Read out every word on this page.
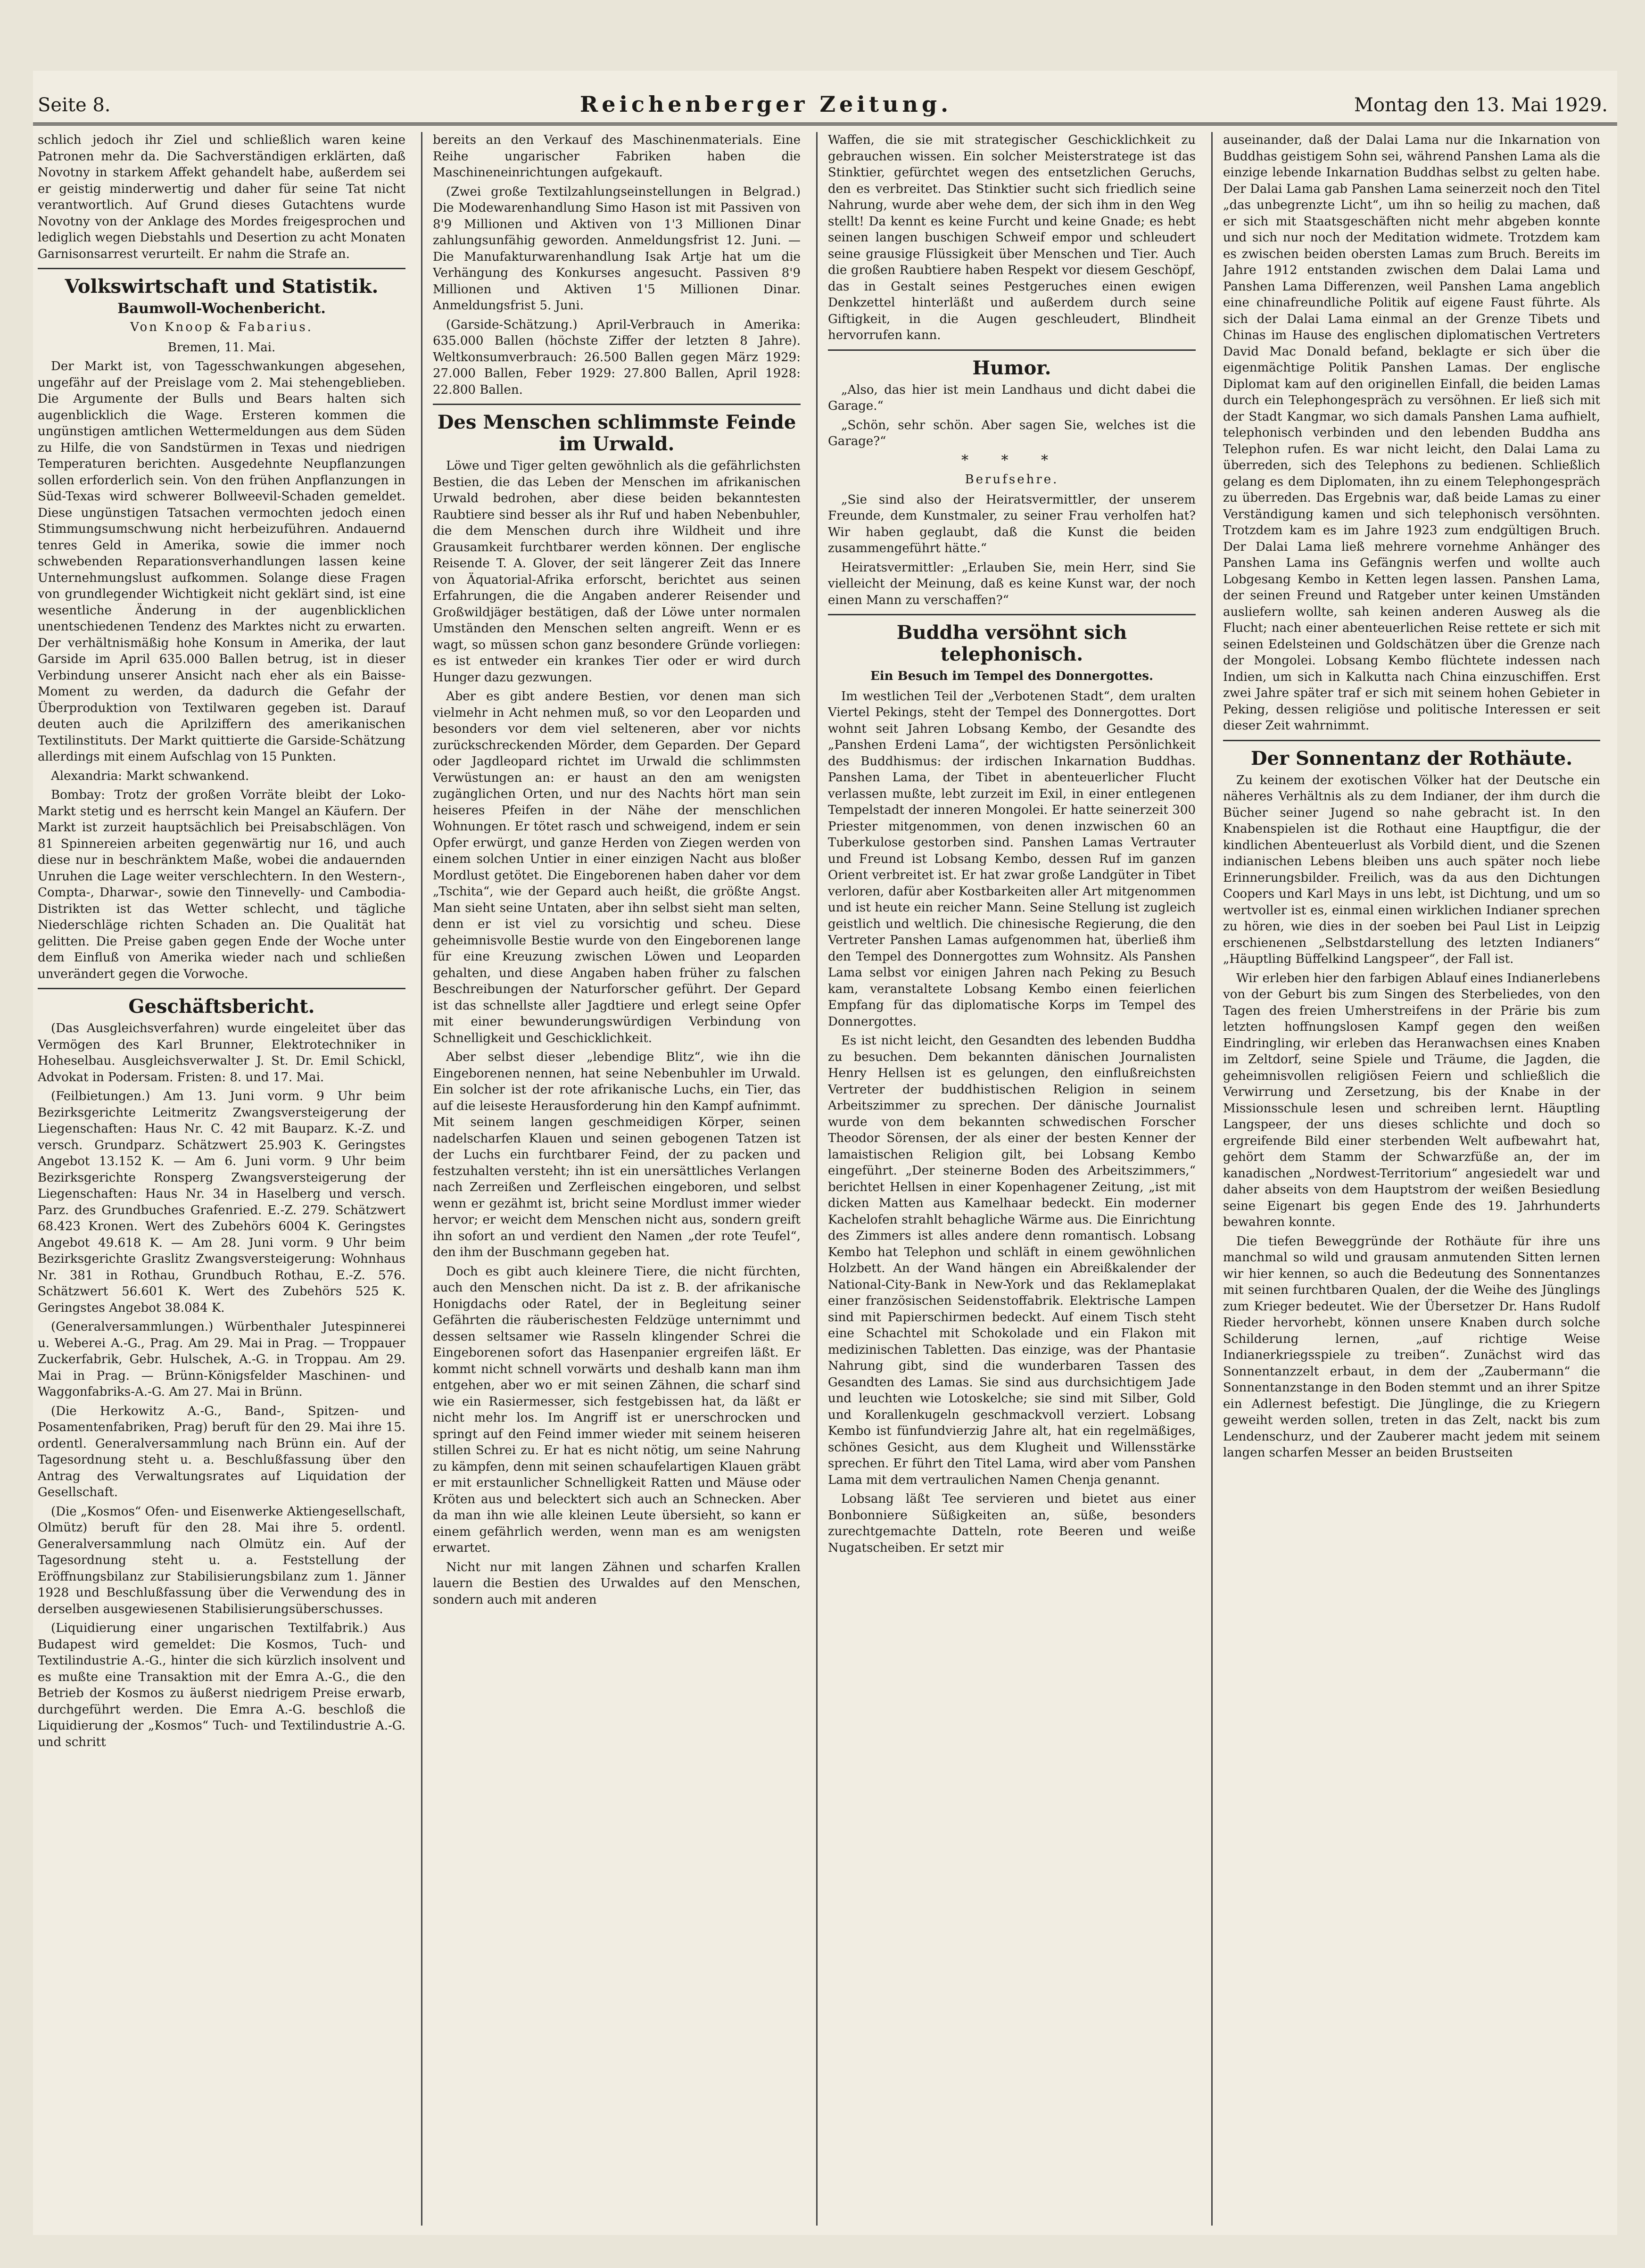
Seite 8.	Reichenberger Zeitung.	Montag den 13. Mai 1929.

schlich jedoch ihr Ziel und schließlich waren keine Patronen mehr da. Die Sachverständigen erklärten, daß Novotny in starkem Affekt gehandelt habe, außerdem sei er geistig minderwertig und daher für seine Tat nicht verantwortlich. Auf Grund dieses Gutachtens wurde Novotny von der Anklage des Mordes freigesprochen und lediglich wegen Diebstahls und Desertion zu acht Monaten Garnisonsarrest verurteilt. Er nahm die Strafe an.

Volkswirtschaft und Statistik.
Baumwoll-Wochenbericht.
Von Knoop & Fabarius.
Bremen, 11. Mai.

Der Markt ist, von Tagesschwankungen abgesehen, ungefähr auf der Preislage vom 2. Mai stehengeblieben. Die Argumente der Bulls und Bears halten sich augenblicklich die Wage. Ersteren kommen die ungünstigen amtlichen Wettermeldungen aus dem Süden zu Hilfe, die von Sandstürmen in Texas und niedrigen Temperaturen berichten. Ausgedehnte Neupflanzungen sollen erforderlich sein. Von den frühen Anpflanzungen in Süd-Texas wird schwerer Bollweevil-Schaden gemeldet. Diese ungünstigen Tatsachen vermochten jedoch einen Stimmungsumschwung nicht herbeizuführen. Andauernd tenres Geld in Amerika, sowie die immer noch schwebenden Reparationsverhandlungen lassen keine Unternehmungslust aufkommen. Solange diese Fragen von grundlegender Wichtigkeit nicht geklärt sind, ist eine wesentliche Änderung in der augenblicklichen unentschiedenen Tendenz des Marktes nicht zu erwarten. Der verhältnismäßig hohe Konsum in Amerika, der laut Garside im April 635.000 Ballen betrug, ist in dieser Verbindung unserer Ansicht nach eher als ein Baisse-Moment zu werden, da dadurch die Gefahr der Überproduktion von Textilwaren gegeben ist. Darauf deuten auch die Aprilziffern des amerikanischen Textilinstituts. Der Markt quittierte die Garside-Schätzung allerdings mit einem Aufschlag von 15 Punkten.

Alexandria: Markt schwankend.

Bombay: Trotz der großen Vorräte bleibt der Loko-Markt stetig und es herrscht kein Mangel an Käufern. Der Markt ist zurzeit hauptsächlich bei Preisabschlägen. Von 81 Spinnereien arbeiten gegenwärtig nur 16, und auch diese nur in beschränktem Maße, wobei die andauernden Unruhen die Lage weiter verschlechtern. In den Western-, Compta-, Dharwar-, sowie den Tinnevelly- und Cambodia-Distrikten ist das Wetter schlecht, und tägliche Niederschläge richten Schaden an. Die Qualität hat gelitten. Die Preise gaben gegen Ende der Woche unter dem Einfluß von Amerika wieder nach und schließen unverändert gegen die Vorwoche.

Geschäftsbericht.

(Das Ausgleichsverfahren) wurde eingeleitet über das Vermögen des Karl Brunner, Elektrotechniker in Hoheselbau. Ausgleichsverwalter J. St. Dr. Emil Schickl, Advokat in Podersam. Fristen: 8. und 17. Mai.

(Feilbietungen.) Am 13. Juni vorm. 9 Uhr beim Bezirksgerichte Leitmeritz Zwangsversteigerung der Liegenschaften: Haus Nr. C. 42 mit Bauparz. K.-Z. und versch. Grundparz. Schätzwert 25.903 K. Geringstes Angebot 13.152 K. — Am 6. Juni vorm. 9 Uhr beim Bezirksgerichte Ronsperg Zwangsversteigerung der Liegenschaften: Haus Nr. 34 in Haselberg und versch. Parz. des Grundbuches Grafenried. E.-Z. 279. Schätzwert 68.423 Kronen. Wert des Zubehörs 6004 K. Geringstes Angebot 49.618 K. — Am 28. Juni vorm. 9 Uhr beim Bezirksgerichte Graslitz Zwangsversteigerung: Wohnhaus Nr. 381 in Rothau, Grundbuch Rothau, E.-Z. 576. Schätzwert 56.601 K. Wert des Zubehörs 525 K. Geringstes Angebot 38.084 K.

(Generalversammlungen.) Würbenthaler Jutespinnerei u. Weberei A.-G., Prag. Am 29. Mai in Prag. — Troppauer Zuckerfabrik, Gebr. Hulschek, A.-G. in Troppau. Am 29. Mai in Prag. — Brünn-Königsfelder Maschinen- und Waggonfabriks-A.-G. Am 27. Mai in Brünn.

(Die Herkowitz A.-G., Band-, Spitzen- und Posamentenfabriken, Prag) beruft für den 29. Mai ihre 15. ordentl. Generalversammlung nach Brünn ein. Auf der Tagesordnung steht u. a. Beschlußfassung über den Antrag des Verwaltungsrates auf Liquidation der Gesellschaft.

(Die „Kosmos“ Ofen- und Eisenwerke Aktiengesellschaft, Olmütz) beruft für den 28. Mai ihre 5. ordentl. Generalversammlung nach Olmütz ein. Auf der Tagesordnung steht u. a. Feststellung der Eröffnungsbilanz zur Stabilisierungsbilanz zum 1. Jänner 1928 und Beschlußfassung über die Verwendung des in derselben ausgewiesenen Stabilisierungsüberschusses.

(Liquidierung einer ungarischen Textilfabrik.) Aus Budapest wird gemeldet: Die Kosmos, Tuch- und Textilindustrie A.-G., hinter die sich kürzlich insolvent und es mußte eine Transaktion mit der Emra A.-G., die den Betrieb der Kosmos zu äußerst niedrigem Preise erwarb, durchgeführt werden. Die Emra A.-G. beschloß die Liquidierung der „Kosmos“ Tuch- und Textilindustrie A.-G. und schritt

bereits an den Verkauf des Maschinenmaterials. Eine Reihe ungarischer Fabriken haben die Maschineneinrichtungen aufgekauft.

(Zwei große Textilzahlungseinstellungen in Belgrad.) Die Modewarenhandlung Simo Hason ist mit Passiven von 8'9 Millionen und Aktiven von 1'3 Millionen Dinar zahlungsunfähig geworden. Anmeldungsfrist 12. Juni. — Die Manufakturwarenhandlung Isak Artje hat um die Verhängung des Konkurses angesucht. Passiven 8'9 Millionen und Aktiven 1'5 Millionen Dinar. Anmeldungsfrist 5. Juni.

(Garside-Schätzung.) April-Verbrauch in Amerika: 635.000 Ballen (höchste Ziffer der letzten 8 Jahre). Weltkonsumverbrauch: 26.500 Ballen gegen März 1929: 27.000 Ballen, Feber 1929: 27.800 Ballen, April 1928: 22.800 Ballen.

Des Menschen schlimmste Feinde im Urwald.

Löwe und Tiger gelten gewöhnlich als die gefährlichsten Bestien, die das Leben der Menschen im afrikanischen Urwald bedrohen, aber diese beiden bekanntesten Raubtiere sind besser als ihr Ruf und haben Nebenbuhler, die dem Menschen durch ihre Wildheit und ihre Grausamkeit furchtbarer werden können. Der englische Reisende T. A. Glover, der seit längerer Zeit das Innere von Äquatorial-Afrika erforscht, berichtet aus seinen Erfahrungen, die die Angaben anderer Reisender und Großwildjäger bestätigen, daß der Löwe unter normalen Umständen den Menschen selten angreift. Wenn er es wagt, so müssen schon ganz besondere Gründe vorliegen: es ist entweder ein krankes Tier oder er wird durch Hunger dazu gezwungen.

Aber es gibt andere Bestien, vor denen man sich vielmehr in Acht nehmen muß, so vor den Leoparden und besonders vor dem viel selteneren, aber vor nichts zurückschreckenden Mörder, dem Geparden. Der Gepard oder Jagdleopard richtet im Urwald die schlimmsten Verwüstungen an: er haust an den am wenigsten zugänglichen Orten, und nur des Nachts hört man sein heiseres Pfeifen in der Nähe der menschlichen Wohnungen. Er tötet rasch und schweigend, indem er sein Opfer erwürgt, und ganze Herden von Ziegen werden von einem solchen Untier in einer einzigen Nacht aus bloßer Mordlust getötet. Die Eingeborenen haben daher vor dem „Tschita“, wie der Gepard auch heißt, die größte Angst. Man sieht seine Untaten, aber ihn selbst sieht man selten, denn er ist viel zu vorsichtig und scheu. Diese geheimnisvolle Bestie wurde von den Eingeborenen lange für eine Kreuzung zwischen Löwen und Leoparden gehalten, und diese Angaben haben früher zu falschen Beschreibungen der Naturforscher geführt. Der Gepard ist das schnellste aller Jagdtiere und erlegt seine Opfer mit einer bewunderungswürdigen Verbindung von Schnelligkeit und Geschicklichkeit.

Aber selbst dieser „lebendige Blitz“, wie ihn die Eingeborenen nennen, hat seine Nebenbuhler im Urwald. Ein solcher ist der rote afrikanische Luchs, ein Tier, das auf die leiseste Herausforderung hin den Kampf aufnimmt. Mit seinem langen geschmeidigen Körper, seinen nadelscharfen Klauen und seinen gebogenen Tatzen ist der Luchs ein furchtbarer Feind, der zu packen und festzuhalten versteht; ihn ist ein unersättliches Verlangen nach Zerreißen und Zerfleischen eingeboren, und selbst wenn er gezähmt ist, bricht seine Mordlust immer wieder hervor; er weicht dem Menschen nicht aus, sondern greift ihn sofort an und verdient den Namen „der rote Teufel“, den ihm der Buschmann gegeben hat.

Doch es gibt auch kleinere Tiere, die nicht fürchten, auch den Menschen nicht. Da ist z. B. der afrikanische Honigdachs oder Ratel, der in Begleitung seiner Gefährten die räuberischesten Feldzüge unternimmt und dessen seltsamer wie Rasseln klingender Schrei die Eingeborenen sofort das Hasenpanier ergreifen läßt. Er kommt nicht schnell vorwärts und deshalb kann man ihm entgehen, aber wo er mit seinen Zähnen, die scharf sind wie ein Rasiermesser, sich festgebissen hat, da läßt er nicht mehr los. Im Angriff ist er unerschrocken und springt auf den Feind immer wieder mit seinem heiseren stillen Schrei zu. Er hat es nicht nötig, um seine Nahrung zu kämpfen, denn mit seinen schaufelartigen Klauen gräbt er mit erstaunlicher Schnelligkeit Ratten und Mäuse oder Kröten aus und belecktert sich auch an Schnecken. Aber da man ihn wie alle kleinen Leute übersieht, so kann er einem gefährlich werden, wenn man es am wenigsten erwartet.

Nicht nur mit langen Zähnen und scharfen Krallen lauern die Bestien des Urwaldes auf den Menschen, sondern auch mit anderen

Waffen, die sie mit strategischer Geschicklichkeit zu gebrauchen wissen. Ein solcher Meisterstratege ist das Stinktier, gefürchtet wegen des entsetzlichen Geruchs, den es verbreitet. Das Stinktier sucht sich friedlich seine Nahrung, wurde aber wehe dem, der sich ihm in den Weg stellt! Da kennt es keine Furcht und keine Gnade; es hebt seinen langen buschigen Schweif empor und schleudert seine grausige Flüssigkeit über Menschen und Tier. Auch die großen Raubtiere haben Respekt vor diesem Geschöpf, das in Gestalt seines Pestgeruches einen ewigen Denkzettel hinterläßt und außerdem durch seine Giftigkeit, in die Augen geschleudert, Blindheit hervorrufen kann.

Humor.

„Also, das hier ist mein Landhaus und dicht dabei die Garage.“

„Schön, sehr schön. Aber sagen Sie, welches ist die Garage?“

* * *
Berufsehre.

„Sie sind also der Heiratsvermittler, der unserem Freunde, dem Kunstmaler, zu seiner Frau verholfen hat? Wir haben geglaubt, daß die Kunst die beiden zusammengeführt hätte.“

Heiratsvermittler: „Erlauben Sie, mein Herr, sind Sie vielleicht der Meinung, daß es keine Kunst war, der noch einen Mann zu verschaffen?“

Buddha versöhnt sich telephonisch.
Ein Besuch im Tempel des Donnergottes.

Im westlichen Teil der „Verbotenen Stadt“, dem uralten Viertel Pekings, steht der Tempel des Donnergottes. Dort wohnt seit Jahren Lobsang Kembo, der Gesandte des „Panshen Erdeni Lama“, der wichtigsten Persönlichkeit des Buddhismus: der irdischen Inkarnation Buddhas. Panshen Lama, der Tibet in abenteuerlicher Flucht verlassen mußte, lebt zurzeit im Exil, in einer entlegenen Tempelstadt der inneren Mongolei. Er hatte seinerzeit 300 Priester mitgenommen, von denen inzwischen 60 an Tuberkulose gestorben sind. Panshen Lamas Vertrauter und Freund ist Lobsang Kembo, dessen Ruf im ganzen Orient verbreitet ist. Er hat zwar große Landgüter in Tibet verloren, dafür aber Kostbarkeiten aller Art mitgenommen und ist heute ein reicher Mann. Seine Stellung ist zugleich geistlich und weltlich. Die chinesische Regierung, die den Vertreter Panshen Lamas aufgenommen hat, überließ ihm den Tempel des Donnergottes zum Wohnsitz. Als Panshen Lama selbst vor einigen Jahren nach Peking zu Besuch kam, veranstaltete Lobsang Kembo einen feierlichen Empfang für das diplomatische Korps im Tempel des Donnergottes.

Es ist nicht leicht, den Gesandten des lebenden Buddha zu besuchen. Dem bekannten dänischen Journalisten Henry Hellsen ist es gelungen, den einflußreichsten Vertreter der buddhistischen Religion in seinem Arbeitszimmer zu sprechen. Der dänische Journalist wurde von dem bekannten schwedischen Forscher Theodor Sörensen, der als einer der besten Kenner der lamaistischen Religion gilt, bei Lobsang Kembo eingeführt. „Der steinerne Boden des Arbeitszimmers,“ berichtet Hellsen in einer Kopenhagener Zeitung, „ist mit dicken Matten aus Kamelhaar bedeckt. Ein moderner Kachelofen strahlt behagliche Wärme aus. Die Einrichtung des Zimmers ist alles andere denn romantisch. Lobsang Kembo hat Telephon und schläft in einem gewöhnlichen Holzbett. An der Wand hängen ein Abreißkalender der National-City-Bank in New-York und das Reklameplakat einer französischen Seidenstoffabrik. Elektrische Lampen sind mit Papierschirmen bedeckt. Auf einem Tisch steht eine Schachtel mit Schokolade und ein Flakon mit medizinischen Tabletten. Das einzige, was der Phantasie Nahrung gibt, sind die wunderbaren Tassen des Gesandten des Lamas. Sie sind aus durchsichtigem Jade und leuchten wie Lotoskelche; sie sind mit Silber, Gold und Korallenkugeln geschmackvoll verziert. Lobsang Kembo ist fünfundvierzig Jahre alt, hat ein regelmäßiges, schönes Gesicht, aus dem Klugheit und Willensstärke sprechen. Er führt den Titel Lama, wird aber vom Panshen Lama mit dem vertraulichen Namen Chenja genannt.

Lobsang läßt Tee servieren und bietet aus einer Bonbonniere Süßigkeiten an, süße, besonders zurechtgemachte Datteln, rote Beeren und weiße Nugatscheiben. Er setzt mir

auseinander, daß der Dalai Lama nur die Inkarnation von Buddhas geistigem Sohn sei, während Panshen Lama als die einzige lebende Inkarnation Buddhas selbst zu gelten habe. Der Dalai Lama gab Panshen Lama seinerzeit noch den Titel „das unbegrenzte Licht“, um ihn so heilig zu machen, daß er sich mit Staatsgeschäften nicht mehr abgeben konnte und sich nur noch der Meditation widmete. Trotzdem kam es zwischen beiden obersten Lamas zum Bruch. Bereits im Jahre 1912 entstanden zwischen dem Dalai Lama und Panshen Lama Differenzen, weil Panshen Lama angeblich eine chinafreundliche Politik auf eigene Faust führte. Als sich der Dalai Lama einmal an der Grenze Tibets und Chinas im Hause des englischen diplomatischen Vertreters David Mac Donald befand, beklagte er sich über die eigenmächtige Politik Panshen Lamas. Der englische Diplomat kam auf den originellen Einfall, die beiden Lamas durch ein Telephongespräch zu versöhnen. Er ließ sich mit der Stadt Kangmar, wo sich damals Panshen Lama aufhielt, telephonisch verbinden und den lebenden Buddha ans Telephon rufen. Es war nicht leicht, den Dalai Lama zu überreden, sich des Telephons zu bedienen. Schließlich gelang es dem Diplomaten, ihn zu einem Telephongespräch zu überreden. Das Ergebnis war, daß beide Lamas zu einer Verständigung kamen und sich telephonisch versöhnten. Trotzdem kam es im Jahre 1923 zum endgültigen Bruch. Der Dalai Lama ließ mehrere vornehme Anhänger des Panshen Lama ins Gefängnis werfen und wollte auch Lobgesang Kembo in Ketten legen lassen. Panshen Lama, der seinen Freund und Ratgeber unter keinen Umständen ausliefern wollte, sah keinen anderen Ausweg als die Flucht; nach einer abenteuerlichen Reise rettete er sich mit seinen Edelsteinen und Goldschätzen über die Grenze nach der Mongolei. Lobsang Kembo flüchtete indessen nach Indien, um sich in Kalkutta nach China einzuschiffen. Erst zwei Jahre später traf er sich mit seinem hohen Gebieter in Peking, dessen religiöse und politische Interessen er seit dieser Zeit wahrnimmt.

Der Sonnentanz der Rothäute.

Zu keinem der exotischen Völker hat der Deutsche ein näheres Verhältnis als zu dem Indianer, der ihm durch die Bücher seiner Jugend so nahe gebracht ist. In den Knabenspielen ist die Rothaut eine Hauptfigur, die der kindlichen Abenteuerlust als Vorbild dient, und die Szenen indianischen Lebens bleiben uns auch später noch liebe Erinnerungsbilder. Freilich, was da aus den Dichtungen Coopers und Karl Mays in uns lebt, ist Dichtung, und um so wertvoller ist es, einmal einen wirklichen Indianer sprechen zu hören, wie dies in der soeben bei Paul List in Leipzig erschienenen „Selbstdarstellung des letzten Indianers“ „Häuptling Büffelkind Langspeer“, der Fall ist.

Wir erleben hier den farbigen Ablauf eines Indianerlebens von der Geburt bis zum Singen des Sterbeliedes, von den Tagen des freien Umherstreifens in der Prärie bis zum letzten hoffnungslosen Kampf gegen den weißen Eindringling, wir erleben das Heranwachsen eines Knaben im Zeltdorf, seine Spiele und Träume, die Jagden, die geheimnisvollen religiösen Feiern und schließlich die Verwirrung und Zersetzung, bis der Knabe in der Missionsschule lesen und schreiben lernt. Häuptling Langspeer, der uns dieses schlichte und doch so ergreifende Bild einer sterbenden Welt aufbewahrt hat, gehört dem Stamm der Schwarzfüße an, der im kanadischen „Nordwest-Territorium“ angesiedelt war und daher abseits von dem Hauptstrom der weißen Besiedlung seine Eigenart bis gegen Ende des 19. Jahrhunderts bewahren konnte.

Die tiefen Beweggründe der Rothäute für ihre uns manchmal so wild und grausam anmutenden Sitten lernen wir hier kennen, so auch die Bedeutung des Sonnentanzes mit seinen furchtbaren Qualen, der die Weihe des Jünglings zum Krieger bedeutet. Wie der Übersetzer Dr. Hans Rudolf Rieder hervorhebt, können unsere Knaben durch solche Schilderung lernen, „auf richtige Weise Indianerkriegsspiele zu treiben“. Zunächst wird das Sonnentanzzelt erbaut, in dem der „Zaubermann“ die Sonnentanzstange in den Boden stemmt und an ihrer Spitze ein Adlernest befestigt. Die Jünglinge, die zu Kriegern geweiht werden sollen, treten in das Zelt, nackt bis zum Lendenschurz, und der Zauberer macht jedem mit seinem langen scharfen Messer an beiden Brustseiten
